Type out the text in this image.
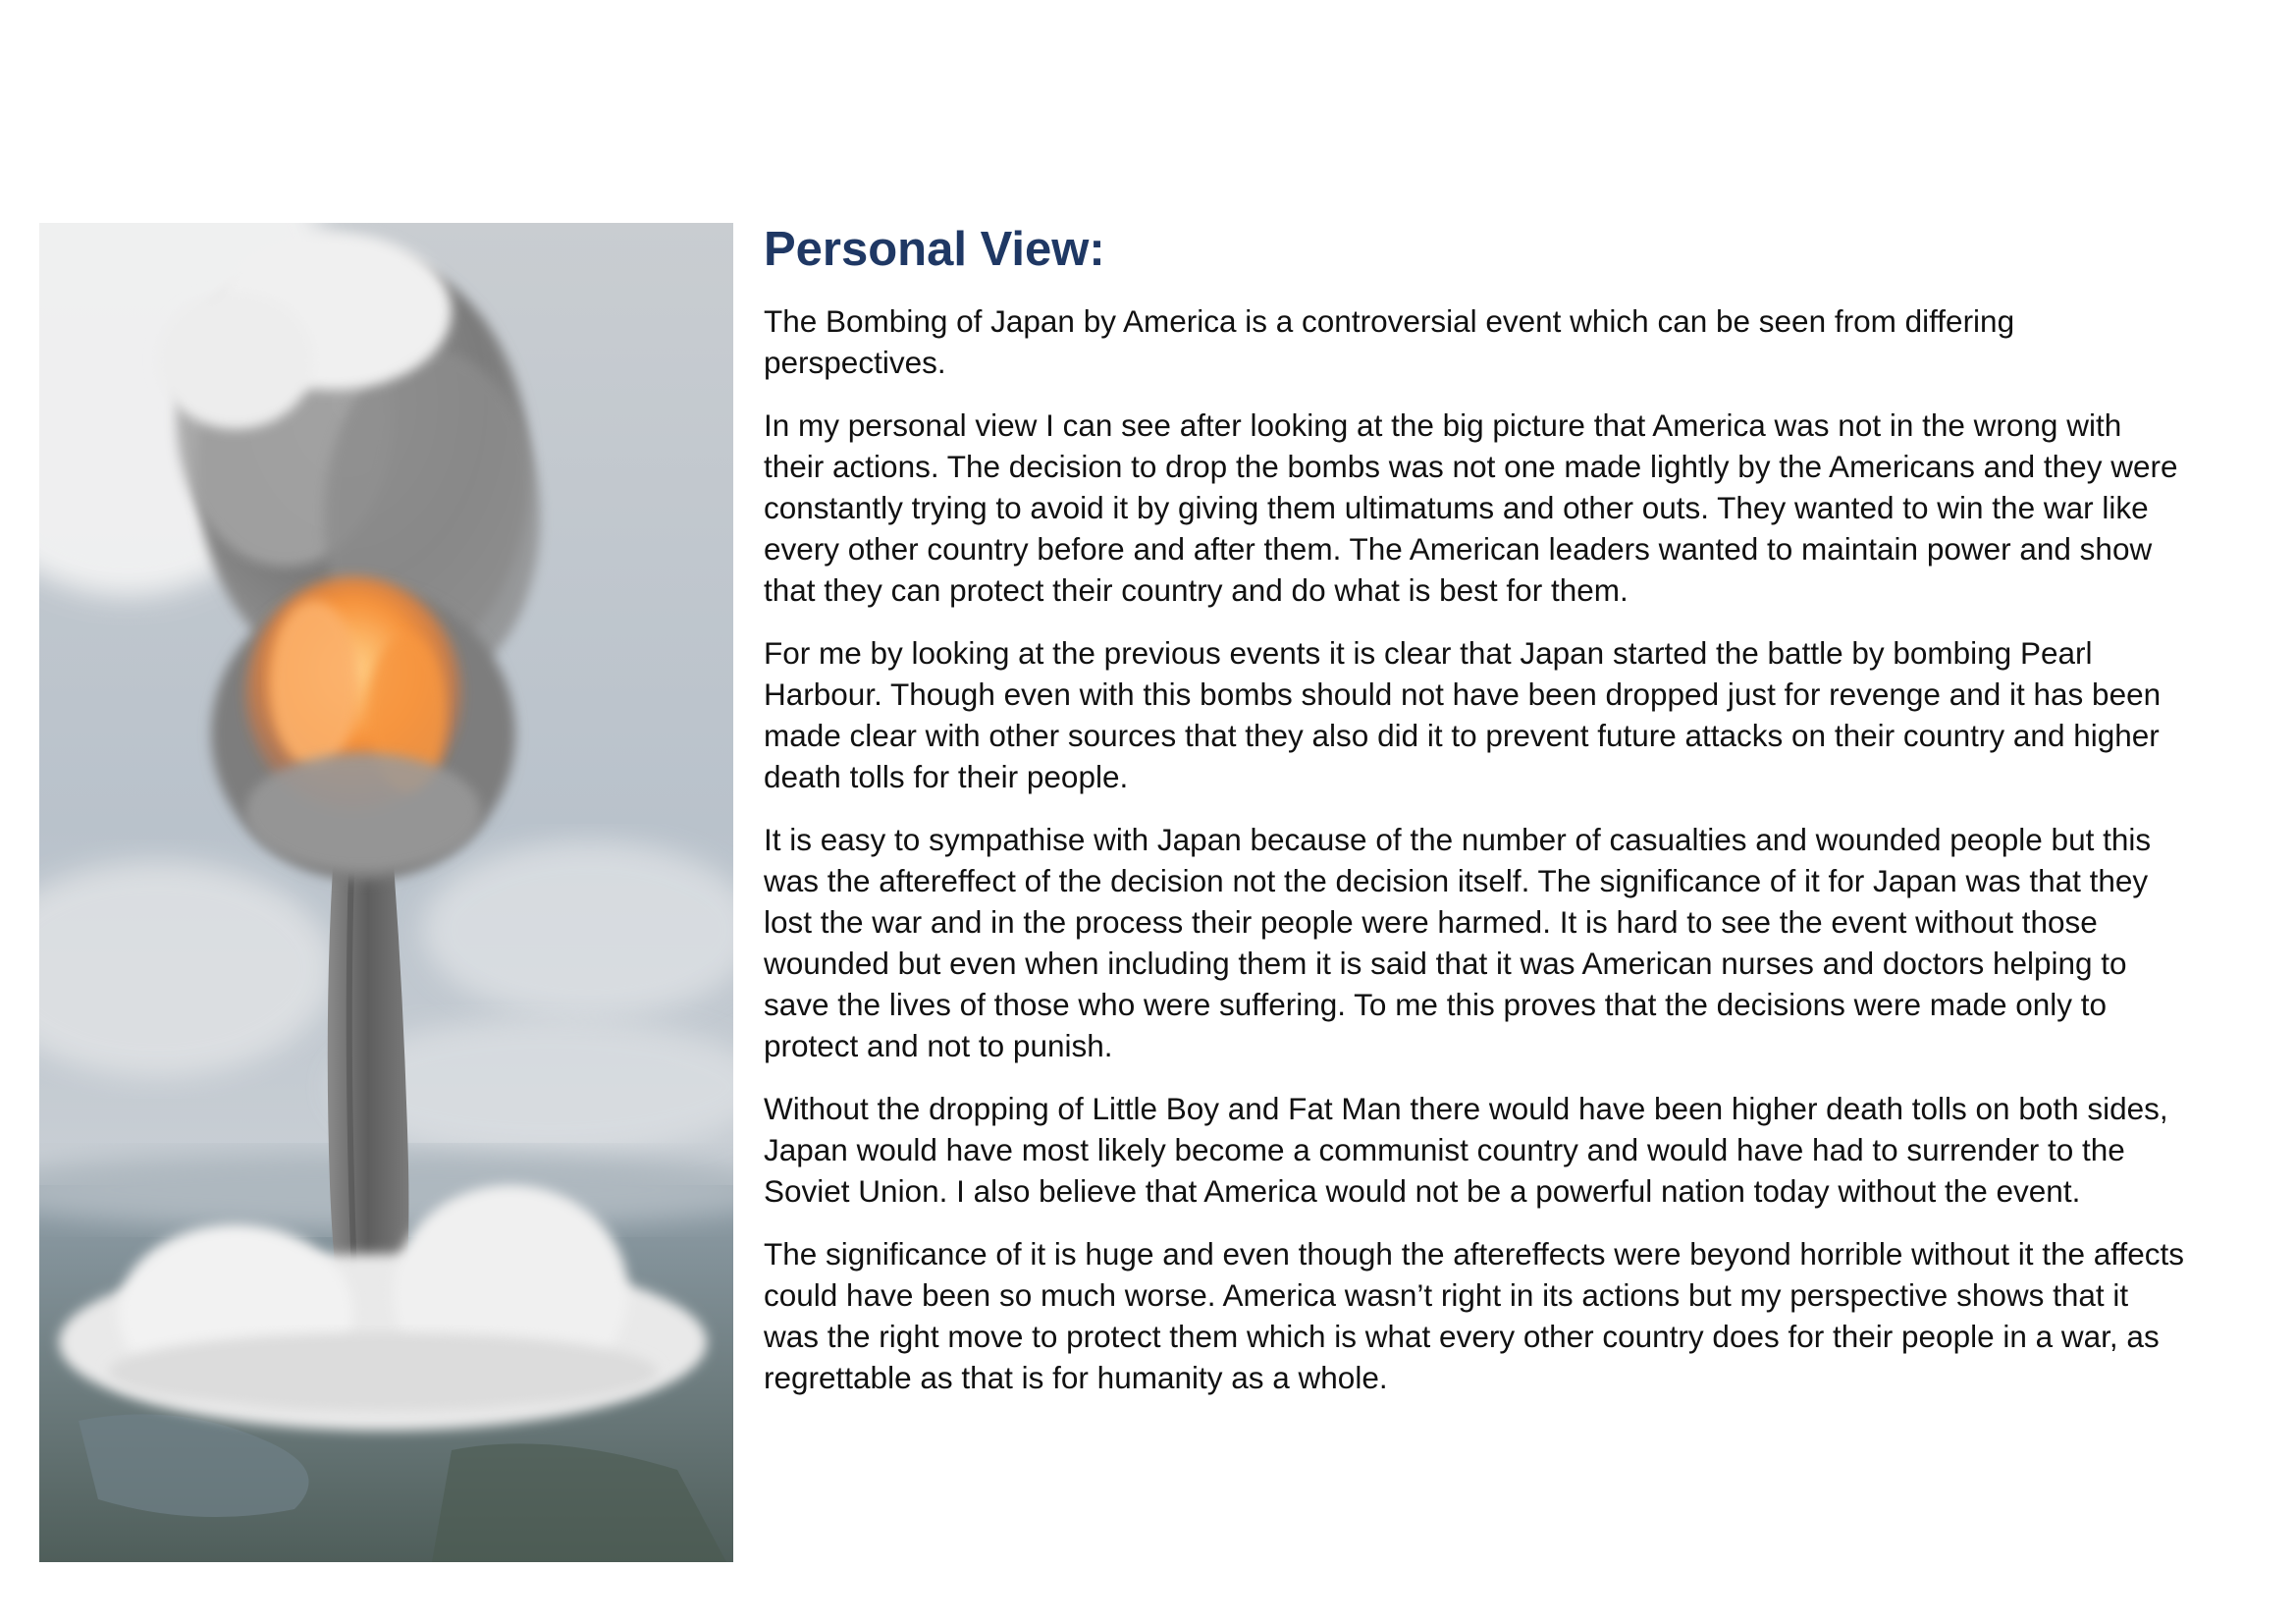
Personal View:

The Bombing of Japan by America is a controversial event which can be seen from differing perspectives.

In my personal view I can see after looking at the big picture that America was not in the wrong with their actions. The decision to drop the bombs was not one made lightly by the Americans and they were constantly trying to avoid it by giving them ultimatums and other outs. They wanted to win the war like every other country before and after them. The American leaders wanted to maintain power and show that they can protect their country and do what is best for them.

For me by looking at the previous events it is clear that Japan started the battle by bombing Pearl Harbour. Though even with this bombs should not have been dropped just for revenge and it has been made clear with other sources that they also did it to prevent future attacks on their country and higher death tolls for their people.

It is easy to sympathise with Japan because of the number of casualties and wounded people but this was the aftereffect of the decision not the decision itself. The significance of it for Japan was that they lost the war and in the process their people were harmed. It is hard to see the event without those wounded but even when including them it is said that it was American nurses and doctors helping to save the lives of those who were suffering. To me this proves that the decisions were made only to protect and not to punish.

Without the dropping of Little Boy and Fat Man there would have been higher death tolls on both sides, Japan would have most likely become a communist country and would have had to surrender to the Soviet Union. I also believe that America would not be a powerful nation today without the event.

The significance of it is huge and even though the aftereffects were beyond horrible without it the affects could have been so much worse. America wasn’t right in its actions but my perspective shows that it was the right move to protect them which is what every other country does for their people in a war, as regrettable as that is for humanity as a whole.
